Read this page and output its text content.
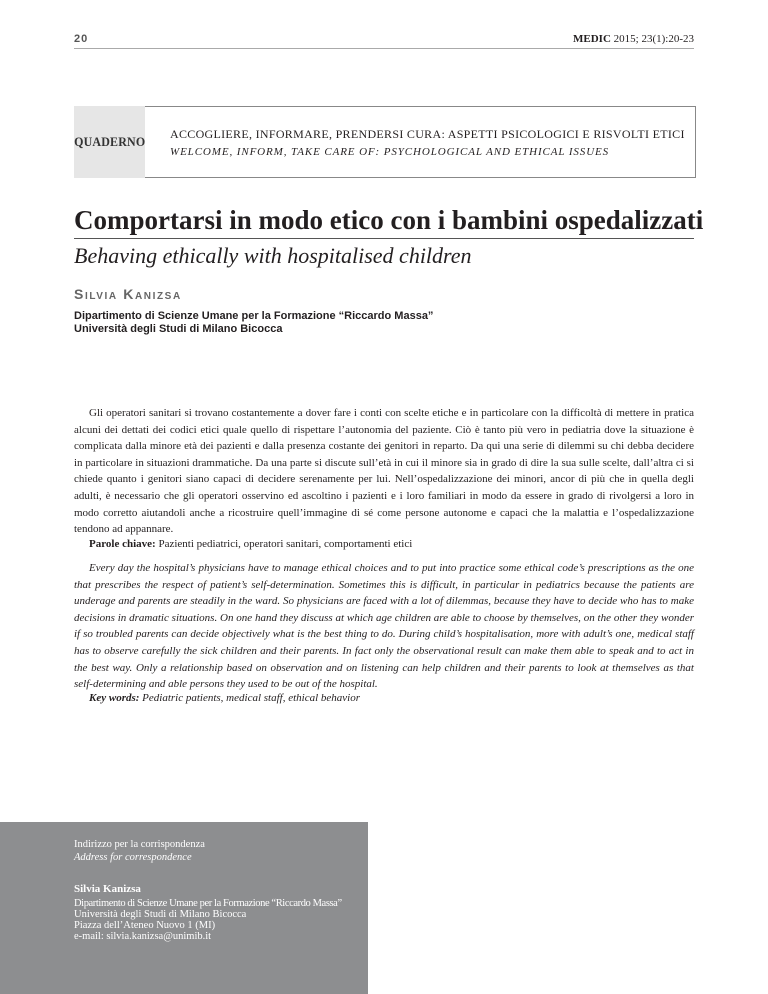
20	MEDIC 2015; 23(1):20-23
QUADERNO ACCOGLIERE, INFORMARE, PRENDERSI CURA: ASPETTI PSICOLOGICI E RISVOLTI ETICI
WELCOME, INFORM, TAKE CARE OF: PSYCHOLOGICAL AND ETHICAL ISSUES
Comportarsi in modo etico con i bambini ospedalizzati
Behaving ethically with hospitalised children
Silvia Kanizsa
Dipartimento di Scienze Umane per la Formazione “Riccardo Massa”
Università degli Studi di Milano Bicocca
Gli operatori sanitari si trovano costantemente a dover fare i conti con scelte etiche e in particolare con la difficoltà di mettere in pratica alcuni dei dettati dei codici etici quale quello di rispettare l’autonomia del paziente. Ciò è tanto più vero in pediatria dove la situazione è complicata dalla minore età dei pazienti e dalla presenza costante dei genitori in reparto. Da qui una serie di dilemmi su chi debba decidere in particolare in situazioni drammatiche. Da una parte si discute sull’età in cui il minore sia in grado di dire la sua sulle scelte, dall’altra ci si chiede quanto i genitori siano capaci di decidere serenamente per lui. Nell’ospedalizzazione dei minori, ancor di più che in quella degli adulti, è necessario che gli operatori osservino ed ascoltino i pazienti e i loro familiari in modo da essere in grado di rivolgersi a loro in modo corretto aiutandoli anche a ricostruire quell’immagine di sé come persone autonome e capaci che la malattia e l’ospedalizzazione tendono ad appannare.
Parole chiave: Pazienti pediatrici, operatori sanitari, comportamenti etici
Every day the hospital’s physicians have to manage ethical choices and to put into practice some ethical code’s prescriptions as the one that prescribes the respect of patient’s self-determination. Sometimes this is difficult, in particular in pediatrics because the patients are underage and parents are steadily in the ward. So physicians are faced with a lot of dilemmas, because they have to decide who has to make decisions in dramatic situations. On one hand they discuss at which age children are able to choose by themselves, on the other they wonder if so troubled parents can decide objectively what is the best thing to do. During child’s hospitalisation, more with adult’s one, medical staff has to observe carefully the sick children and their parents. In fact only the observational result can make them able to speak and to act in the best way. Only a relationship based on observation and on listening can help children and their parents to look at themselves as that self-determining and able persons they used to be out of the hospital.
Key words: Pediatric patients, medical staff, ethical behavior
Indirizzo per la corrispondenza
Address for correspondence
Silvia Kanizsa
Dipartimento di Scienze Umane per la Formazione “Riccardo Massa”
Università degli Studi di Milano Bicocca
Piazza dell’Ateneo Nuovo 1 (MI)
e-mail: silvia.kanizsa@unimib.it
